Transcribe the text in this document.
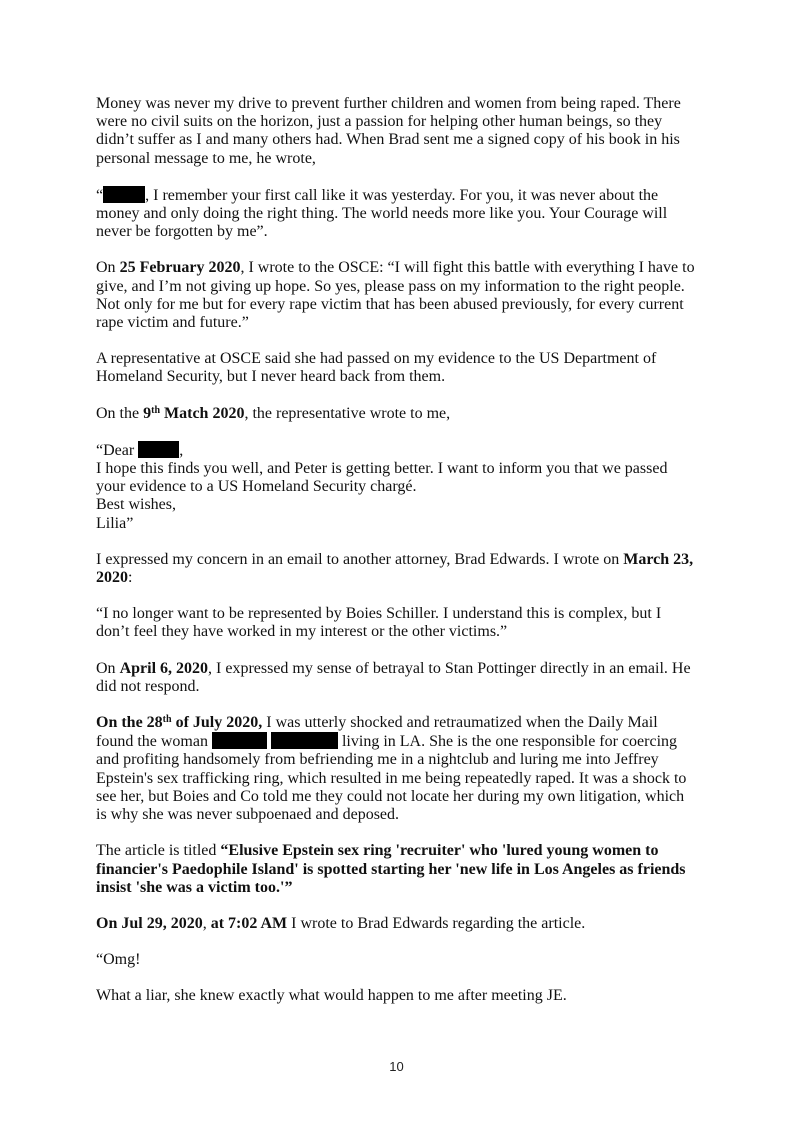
Money was never my drive to prevent further children and women from being raped. There were no civil suits on the horizon, just a passion for helping other human beings, so they didn’t suffer as I and many others had. When Brad sent me a signed copy of his book in his personal message to me, he wrote,

“	, I remember your first call like it was yesterday. For you, it was never about the money and only doing the right thing. The world needs more like you. Your Courage will never be forgotten by me”.

On 25 February 2020, I wrote to the OSCE: “I will fight this battle with everything I have to give, and I’m not giving up hope. So yes, please pass on my information to the right people. Not only for me but for every rape victim that has been abused previously, for every current rape victim and future.”

A representative at OSCE said she had passed on my evidence to the US Department of Homeland Security, but I never heard back from them.

On the 9th Match 2020, the representative wrote to me,

“Dear	,

I hope this finds you well, and Peter is getting better. I want to inform you that we passed your evidence to a US Homeland Security chargé.

Best wishes,

Lilia”

I expressed my concern in an email to another attorney, Brad Edwards. I wrote on March 23, 2020:

“I no longer want to be represented by Boies Schiller. I understand this is complex, but I don’t feel they have worked in my interest or the other victims.”

On April 6, 2020, I expressed my sense of betrayal to Stan Pottinger directly in an email. He did not respond.

On the 28th of July 2020, I was utterly shocked and retraumatized when the Daily Mail found the woman	living in LA. She is the one responsible for coercing and profiting handsomely from befriending me in a nightclub and luring me into Jeffrey Epstein's sex trafficking ring, which resulted in me being repeatedly raped. It was a shock to see her, but Boies and Co told me they could not locate her during my own litigation, which is why she was never subpoenaed and deposed.

The article is titled “Elusive Epstein sex ring 'recruiter' who 'lured young women to financier's Paedophile Island' is spotted starting her 'new life in Los Angeles as friends insist 'she was a victim too.'”

On Jul 29, 2020, at 7:02 AM I wrote to Brad Edwards regarding the article.

“Omg!

What a liar, she knew exactly what would happen to me after meeting JE.

10
